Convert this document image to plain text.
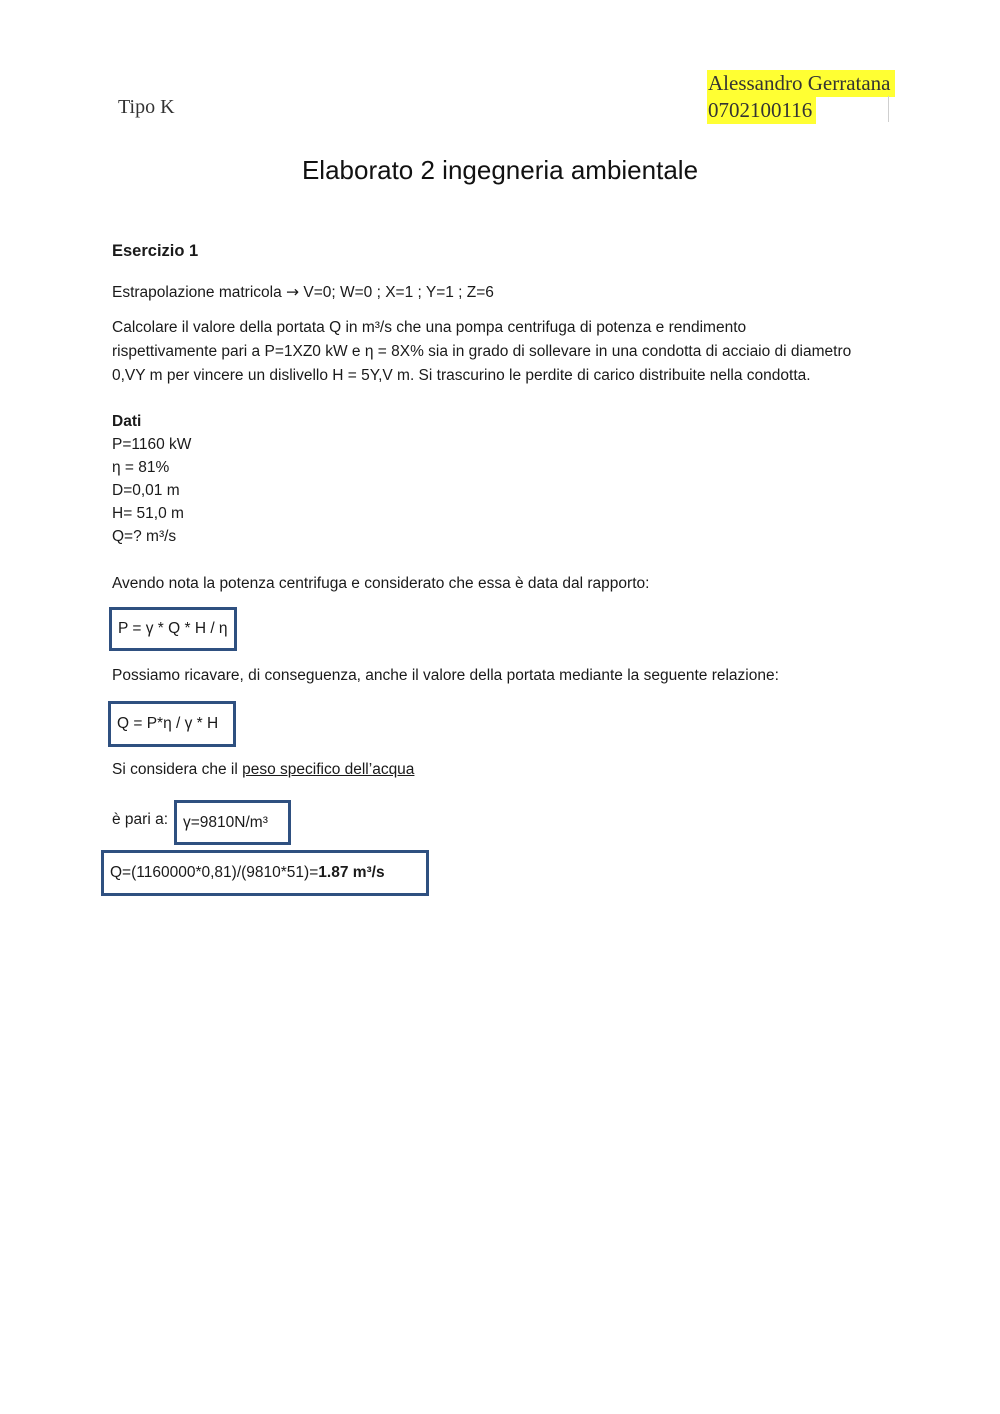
Tipo K
Alessandro Gerratana
0702100116
Elaborato 2 ingegneria ambientale
Esercizio 1
Estrapolazione matricola → V=0; W=0 ; X=1 ; Y=1 ; Z=6
Calcolare il valore della portata Q in m³/s che una pompa centrifuga di potenza e rendimento
rispettivamente pari a P=1XZ0 kW e η = 8X% sia in grado di sollevare in una condotta di acciaio di diametro
0,VY m per vincere un dislivello H = 5Y,V m. Si trascurino le perdite di carico distribuite nella condotta.
Dati
P=1160 kW
η = 81%
D=0,01 m
H= 51,0 m
Q=? m³/s
Avendo nota la potenza centrifuga e considerato che essa è data dal rapporto:
P = γ * Q * H / η
Possiamo ricavare, di conseguenza, anche il valore della portata mediante la seguente relazione:
Q = P*η / γ * H
Si considera che il peso specifico dell’acqua
è pari a: γ=9810N/m³
Q=(1160000*0,81)/(9810*51)= 1.87 m³/s
